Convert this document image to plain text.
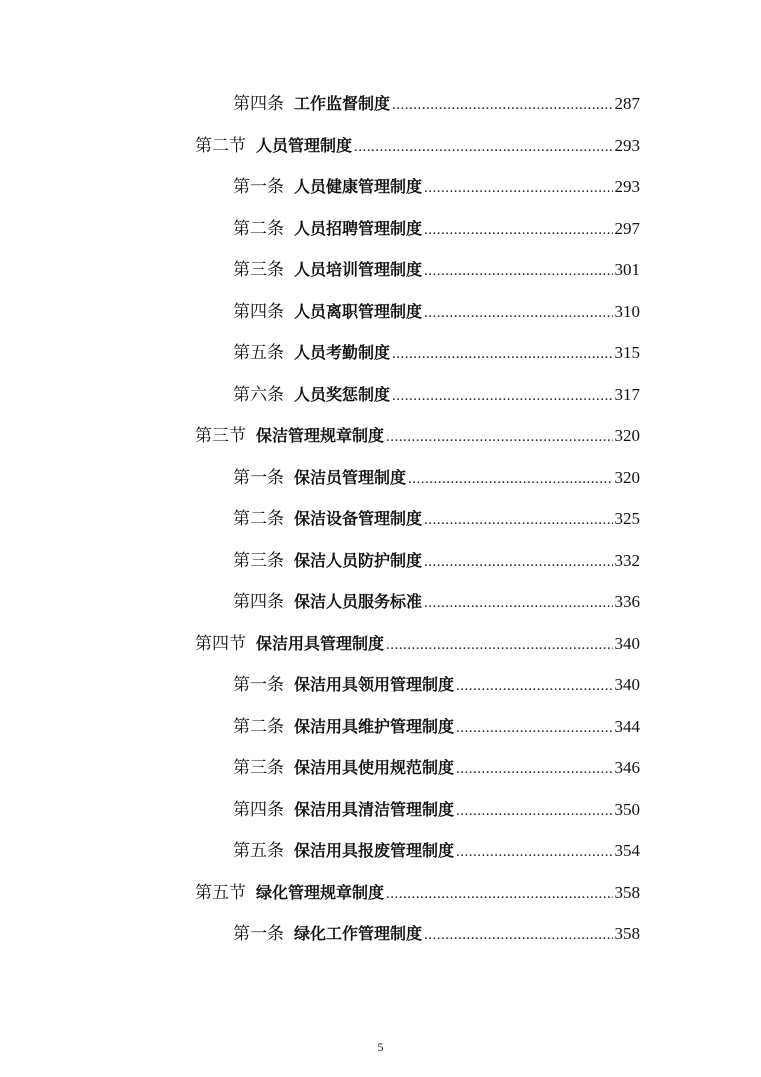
第四条 工作监督制度 .....	287
第二节 人员管理制度 .....	293
第一条 人员健康管理制度 .....	293
第二条 人员招聘管理制度 .....	297
第三条 人员培训管理制度 .....	301
第四条 人员离职管理制度 .....	310
第五条 人员考勤制度 .....	315
第六条 人员奖惩制度 .....	317
第三节 保洁管理规章制度 .....	320
第一条 保洁员管理制度 .....	320
第二条 保洁设备管理制度 .....	325
第三条 保洁人员防护制度 .....	332
第四条 保洁人员服务标准 .....	336
第四节 保洁用具管理制度 .....	340
第一条 保洁用具领用管理制度 .....	340
第二条 保洁用具维护管理制度 .....	344
第三条 保洁用具使用规范制度 .....	346
第四条 保洁用具清洁管理制度 .....	350
第五条 保洁用具报废管理制度 .....	354
第五节 绿化管理规章制度 .....	358
第一条 绿化工作管理制度 .....	358
5
